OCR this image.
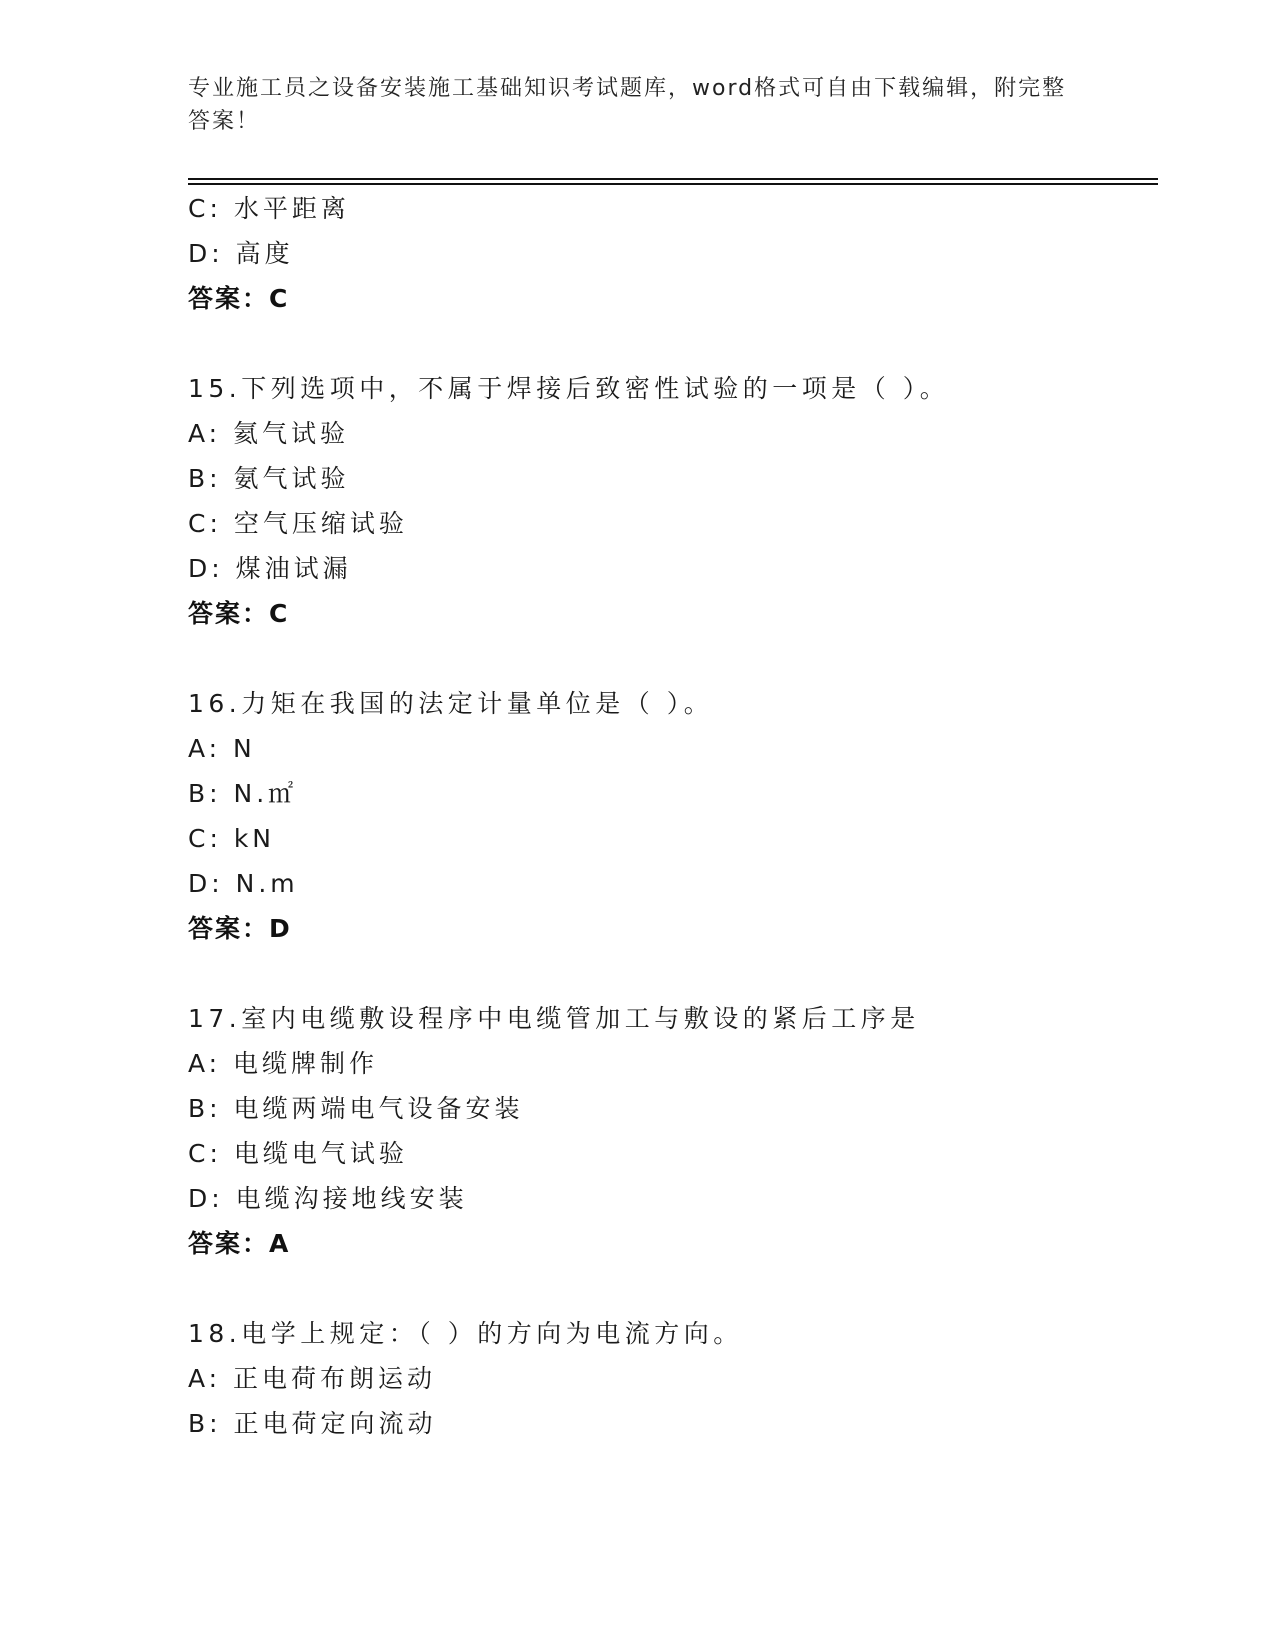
专业施工员之设备安装施工基础知识考试题库，word格式可自由下载编辑，附完整答案！
C: 水平距离
D: 高度
答案：C
15.下列选项中，不属于焊接后致密性试验的一项是（ ）。
A: 氦气试验
B: 氨气试验
C: 空气压缩试验
D: 煤油试漏
答案：C
16.力矩在我国的法定计量单位是（ ）。
A: N
B: N.㎡
C: kN
D: N.m
答案：D
17.室内电缆敷设程序中电缆管加工与敷设的紧后工序是
A: 电缆牌制作
B: 电缆两端电气设备安装
C: 电缆电气试验
D: 电缆沟接地线安装
答案：A
18.电学上规定：（ ）的方向为电流方向。
A: 正电荷布朗运动
B: 正电荷定向流动
